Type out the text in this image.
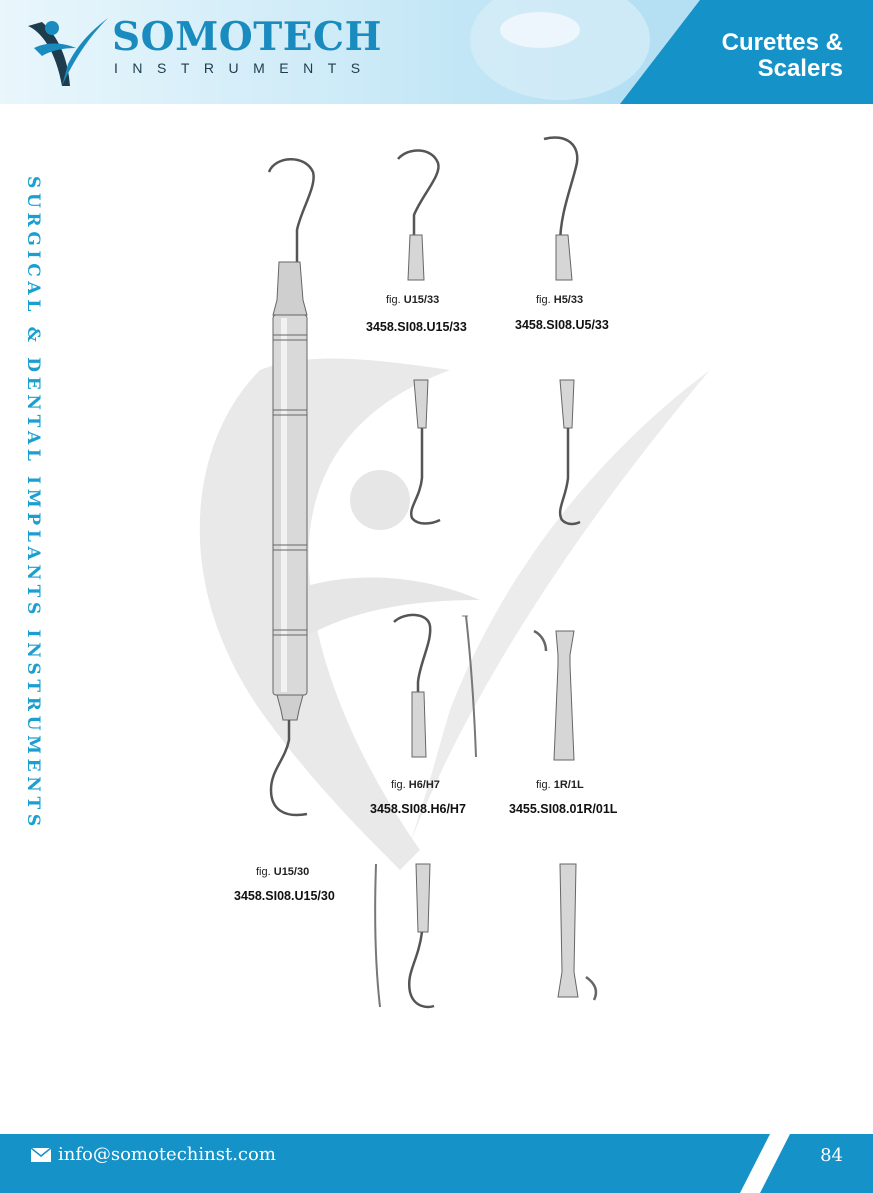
SOMOTECH
INSTRUMENTS
Curettes &
Scalers
SURGICAL & DENTAL IMPLANTS INSTRUMENTS
fig. U15/30
3458.SI08.U15/30
fig. U15/33
3458.SI08.U15/33
fig. H5/33
3458.SI08.U5/33
fig. H6/H7
3458.SI08.H6/H7
fig. 1R/1L
3455.SI08.01R/01L
info@somotechinst.com	84
